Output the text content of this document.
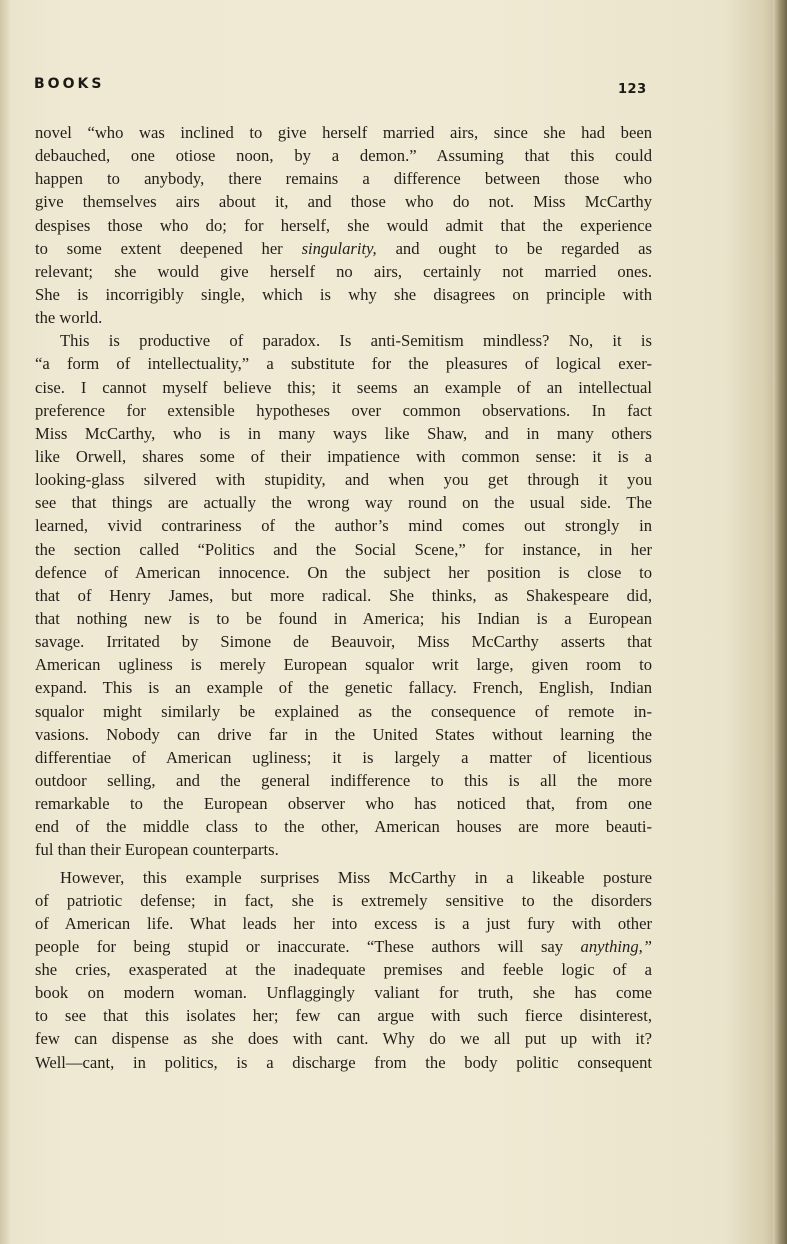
BOOKS	123
novel “who was inclined to give herself married airs, since she had been
debauched, one otiose noon, by a demon.” Assuming that this could
happen to anybody, there remains a difference between those who
give themselves airs about it, and those who do not. Miss McCarthy
despises those who do; for herself, she would admit that the experience
to some extent deepened her singularity, and ought to be regarded as
relevant; she would give herself no airs, certainly not married ones.
She is incorrigibly single, which is why she disagrees on principle with
the world.
This is productive of paradox. Is anti-Semitism mindless? No, it is
“a form of intellectuality,” a substitute for the pleasures of logical exer-
cise. I cannot myself believe this; it seems an example of an intellectual
preference for extensible hypotheses over common observations. In fact
Miss McCarthy, who is in many ways like Shaw, and in many others
like Orwell, shares some of their impatience with common sense: it is a
looking-glass silvered with stupidity, and when you get through it you
see that things are actually the wrong way round on the usual side. The
learned, vivid contrariness of the author’s mind comes out strongly in
the section called “Politics and the Social Scene,” for instance, in her
defence of American innocence. On the subject her position is close to
that of Henry James, but more radical. She thinks, as Shakespeare did,
that nothing new is to be found in America; his Indian is a European
savage. Irritated by Simone de Beauvoir, Miss McCarthy asserts that
American ugliness is merely European squalor writ large, given room to
expand. This is an example of the genetic fallacy. French, English, Indian
squalor might similarly be explained as the consequence of remote in-
vasions. Nobody can drive far in the United States without learning the
differentiae of American ugliness; it is largely a matter of licentious
outdoor selling, and the general indifference to this is all the more
remarkable to the European observer who has noticed that, from one
end of the middle class to the other, American houses are more beauti-
ful than their European counterparts.
However, this example surprises Miss McCarthy in a likeable posture
of patriotic defense; in fact, she is extremely sensitive to the disorders
of American life. What leads her into excess is a just fury with other
people for being stupid or inaccurate. “These authors will say anything,”
she cries, exasperated at the inadequate premises and feeble logic of a
book on modern woman. Unflaggingly valiant for truth, she has come
to see that this isolates her; few can argue with such fierce disinterest,
few can dispense as she does with cant. Why do we all put up with it?
Well—cant, in politics, is a discharge from the body politic consequent
